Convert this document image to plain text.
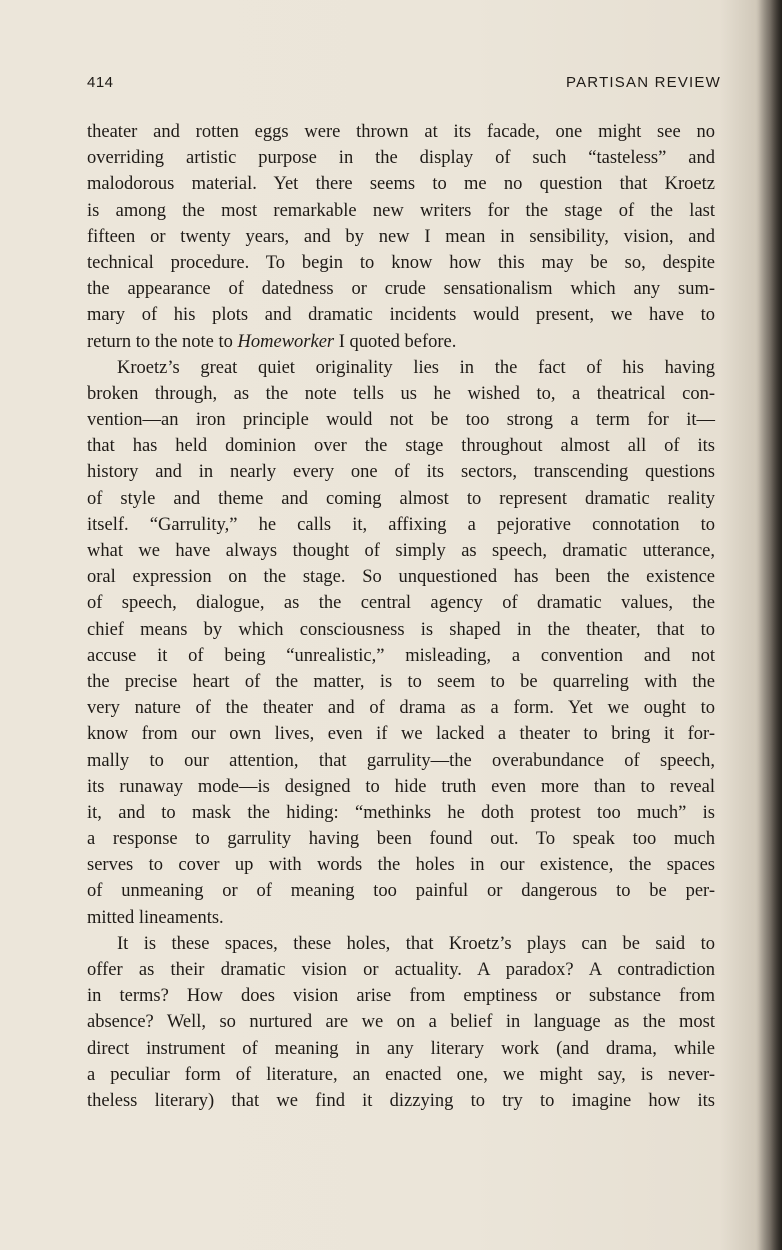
414	PARTISAN REVIEW
theater and rotten eggs were thrown at its facade, one might see no
overriding artistic purpose in the display of such “tasteless” and
malodorous material. Yet there seems to me no question that Kroetz
is among the most remarkable new writers for the stage of the last
fifteen or twenty years, and by new I mean in sensibility, vision, and
technical procedure. To begin to know how this may be so, despite
the appearance of datedness or crude sensationalism which any sum-
mary of his plots and dramatic incidents would present, we have to
return to the note to Homeworker I quoted before.
Kroetz’s great quiet originality lies in the fact of his having
broken through, as the note tells us he wished to, a theatrical con-
vention—an iron principle would not be too strong a term for it—
that has held dominion over the stage throughout almost all of its
history and in nearly every one of its sectors, transcending questions
of style and theme and coming almost to represent dramatic reality
itself. “Garrulity,” he calls it, affixing a pejorative connotation to
what we have always thought of simply as speech, dramatic utterance,
oral expression on the stage. So unquestioned has been the existence
of speech, dialogue, as the central agency of dramatic values, the
chief means by which consciousness is shaped in the theater, that to
accuse it of being “unrealistic,” misleading, a convention and not
the precise heart of the matter, is to seem to be quarreling with the
very nature of the theater and of drama as a form. Yet we ought to
know from our own lives, even if we lacked a theater to bring it for-
mally to our attention, that garrulity—the overabundance of speech,
its runaway mode—is designed to hide truth even more than to reveal
it, and to mask the hiding: “methinks he doth protest too much” is
a response to garrulity having been found out. To speak too much
serves to cover up with words the holes in our existence, the spaces
of unmeaning or of meaning too painful or dangerous to be per-
mitted lineaments.
It is these spaces, these holes, that Kroetz’s plays can be said to
offer as their dramatic vision or actuality. A paradox? A contradiction
in terms? How does vision arise from emptiness or substance from
absence? Well, so nurtured are we on a belief in language as the most
direct instrument of meaning in any literary work (and drama, while
a peculiar form of literature, an enacted one, we might say, is never-
theless literary) that we find it dizzying to try to imagine how its
